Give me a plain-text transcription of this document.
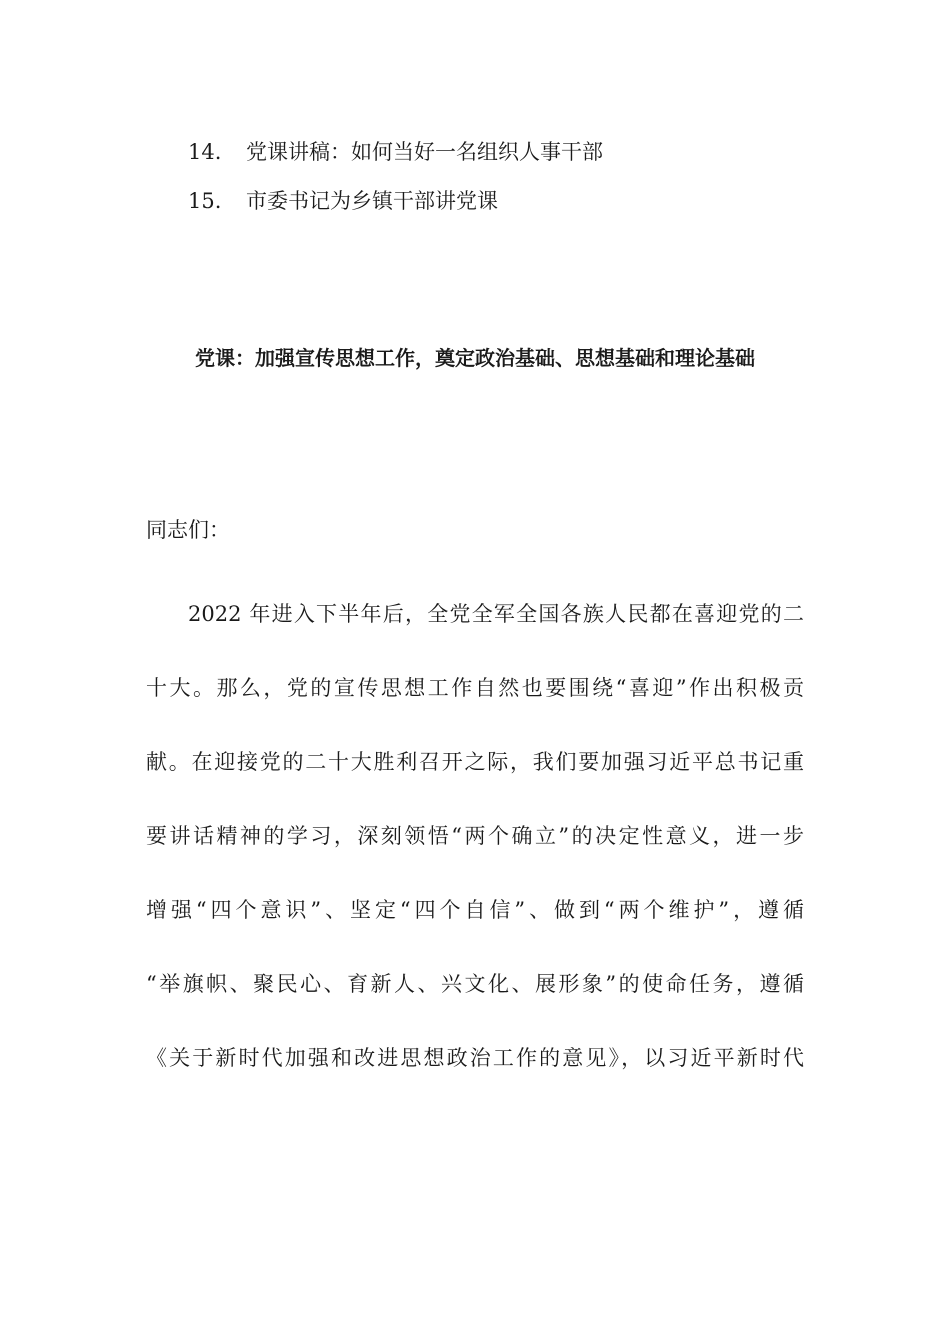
14. 党课讲稿：如何当好一名组织人事干部
15. 市委书记为乡镇干部讲党课
党课：加强宣传思想工作，奠定政治基础、思想基础和理论基础
同志们：
2022 年进入下半年后，全党全军全国各族人民都在喜迎党的二
十大。那么，党的宣传思想工作自然也要围绕“喜迎”作出积极贡
献。在迎接党的二十大胜利召开之际，我们要加强习近平总书记重
要讲话精神的学习，深刻领悟“两个确立”的决定性意义，进一步
增强“四个意识”、坚定“四个自信”、做到“两个维护”，遵循
“举旗帜、聚民心、育新人、兴文化、展形象”的使命任务，遵循
《关于新时代加强和改进思想政治工作的意见》，以习近平新时代
